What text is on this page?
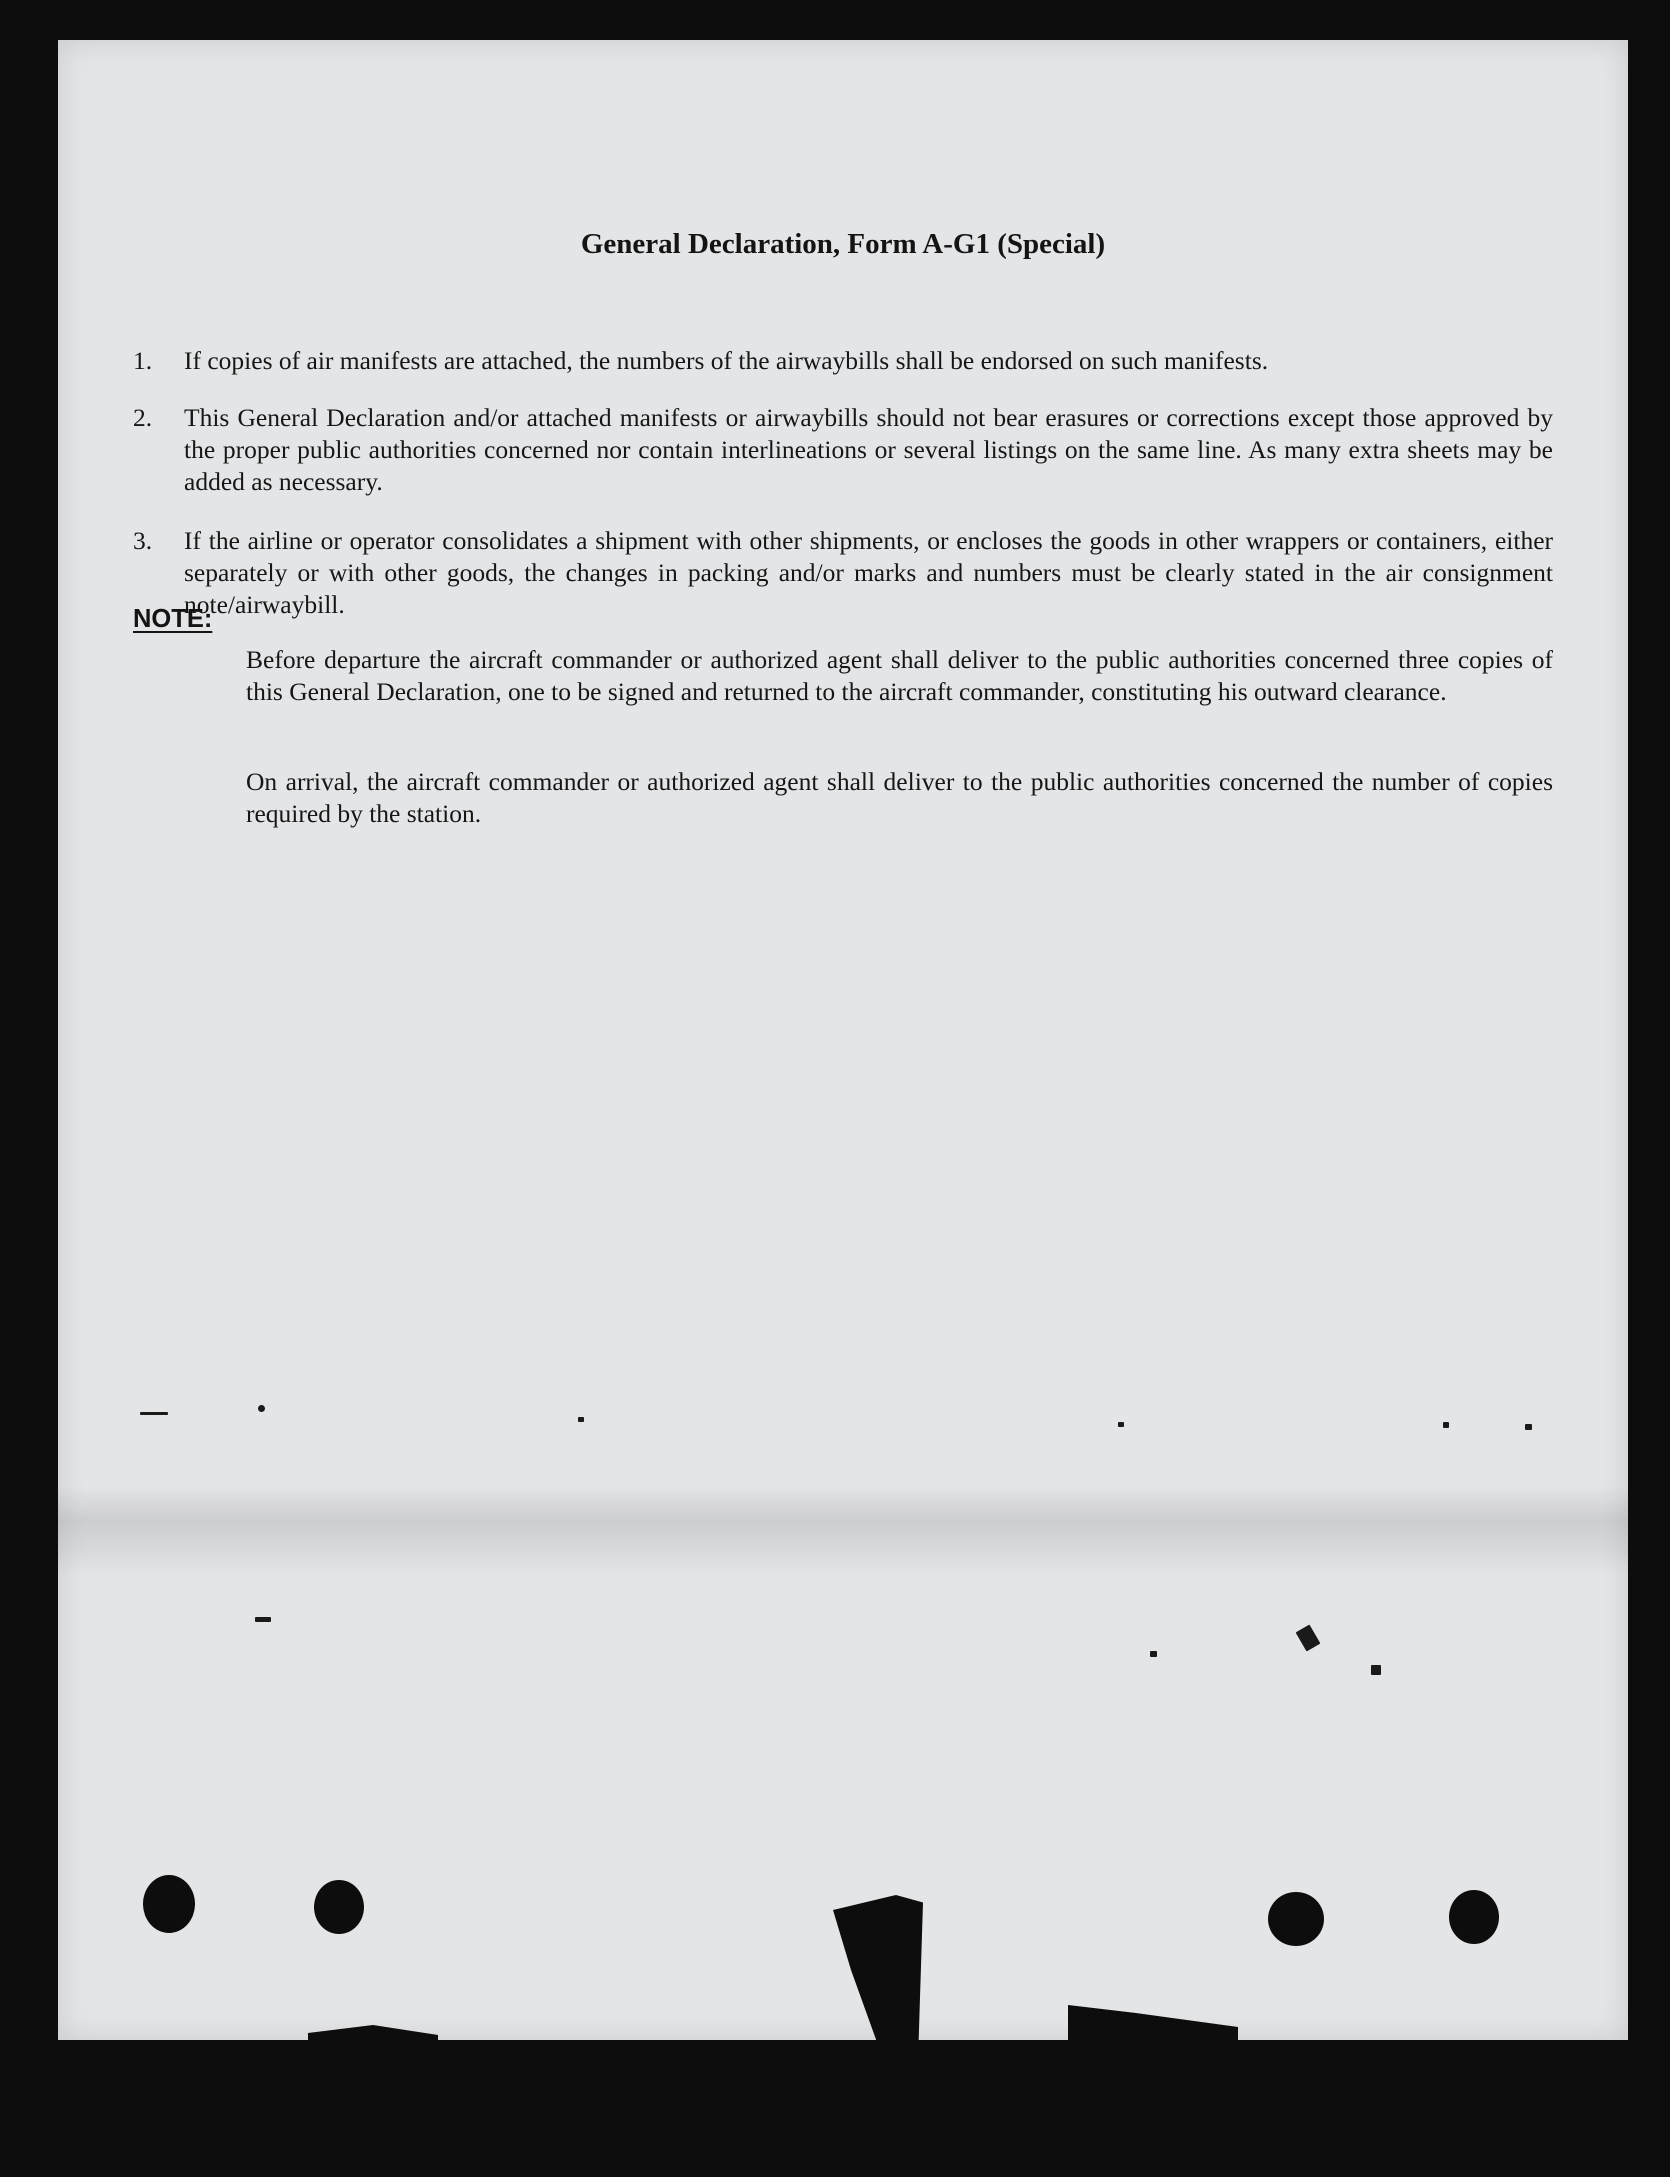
General Declaration, Form A-G1 (Special)
1.	If copies of air manifests are attached, the numbers of the airwaybills shall be endorsed on such manifests.
2.	This General Declaration and/or attached manifests or airwaybills should not bear erasures or corrections except those approved by the proper public authorities concerned nor contain interlineations or several listings on the same line. As many extra sheets may be added as necessary.
3.	If the airline or operator consolidates a shipment with other shipments, or encloses the goods in other wrappers or containers, either separately or with other goods, the changes in packing and/or marks and numbers must be clearly stated in the air consignment note/airwaybill.
NOTE:
Before departure the aircraft commander or authorized agent shall deliver to the public authorities concerned three copies of this General Declaration, one to be signed and returned to the aircraft commander, constituting his outward clearance.
On arrival, the aircraft commander or authorized agent shall deliver to the public authorities concerned the number of copies required by the station.
